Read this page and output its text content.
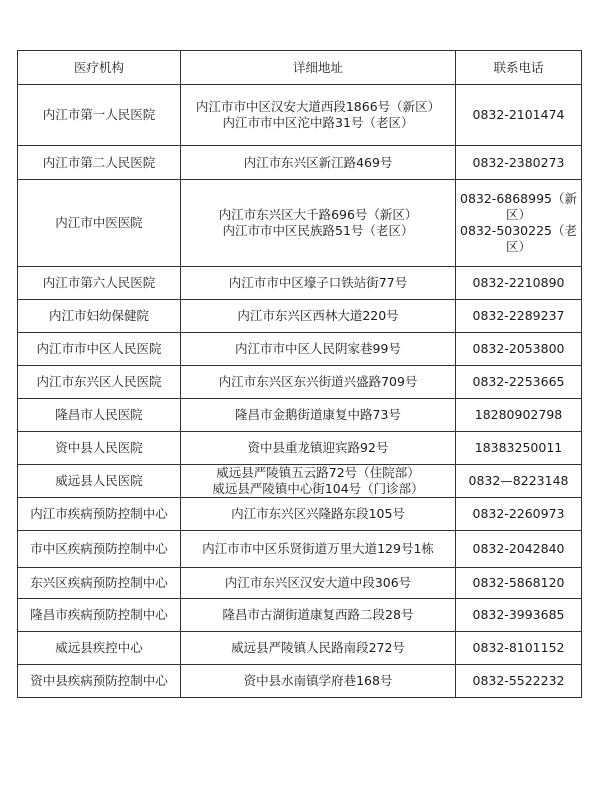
医疗机构	详细地址	联系电话
内江市第一人民医院	内江市市中区汉安大道西段1866号（新区）
内江市市中区沱中路31号（老区）	0832-2101474

内江市第二人民医院	内江市东兴区新江路469号	0832-2380273

内江市中医医院	内江市东兴区大千路696号（新区）
内江市市中区民族路51号（老区）	0832-6868995（新
区）
0832-5030225（老
区）

内江市第六人民医院	内江市市中区壕子口铁站街77号	0832-2210890

内江市妇幼保健院	内江市东兴区西林大道220号	0832-2289237

内江市市中区人民医院	内江市市中区人民阴家巷99号	0832-2053800

内江市东兴区人民医院	内江市东兴区东兴街道兴盛路709号	0832-2253665

隆昌市人民医院	隆昌市金鹅街道康复中路73号	18280902798

资中县人民医院	资中县重龙镇迎宾路92号	18383250011

威远县人民医院	威远县严陵镇五云路72号（住院部）
威远县严陵镇中心街104号（门诊部）	0832—8223148

内江市疾病预防控制中心	内江市东兴区兴隆路东段105号	0832-2260973

市中区疾病预防控制中心	内江市市中区乐贤街道万里大道129号1栋	0832-2042840

东兴区疾病预防控制中心	内江市东兴区汉安大道中段306号	0832-5868120

隆昌市疾病预防控制中心	隆昌市古湖街道康复西路二段28号	0832-3993685

威远县疾控中心	威远县严陵镇人民路南段272号	0832-8101152

资中县疾病预防控制中心	资中县水南镇学府巷168号	0832-5522232
